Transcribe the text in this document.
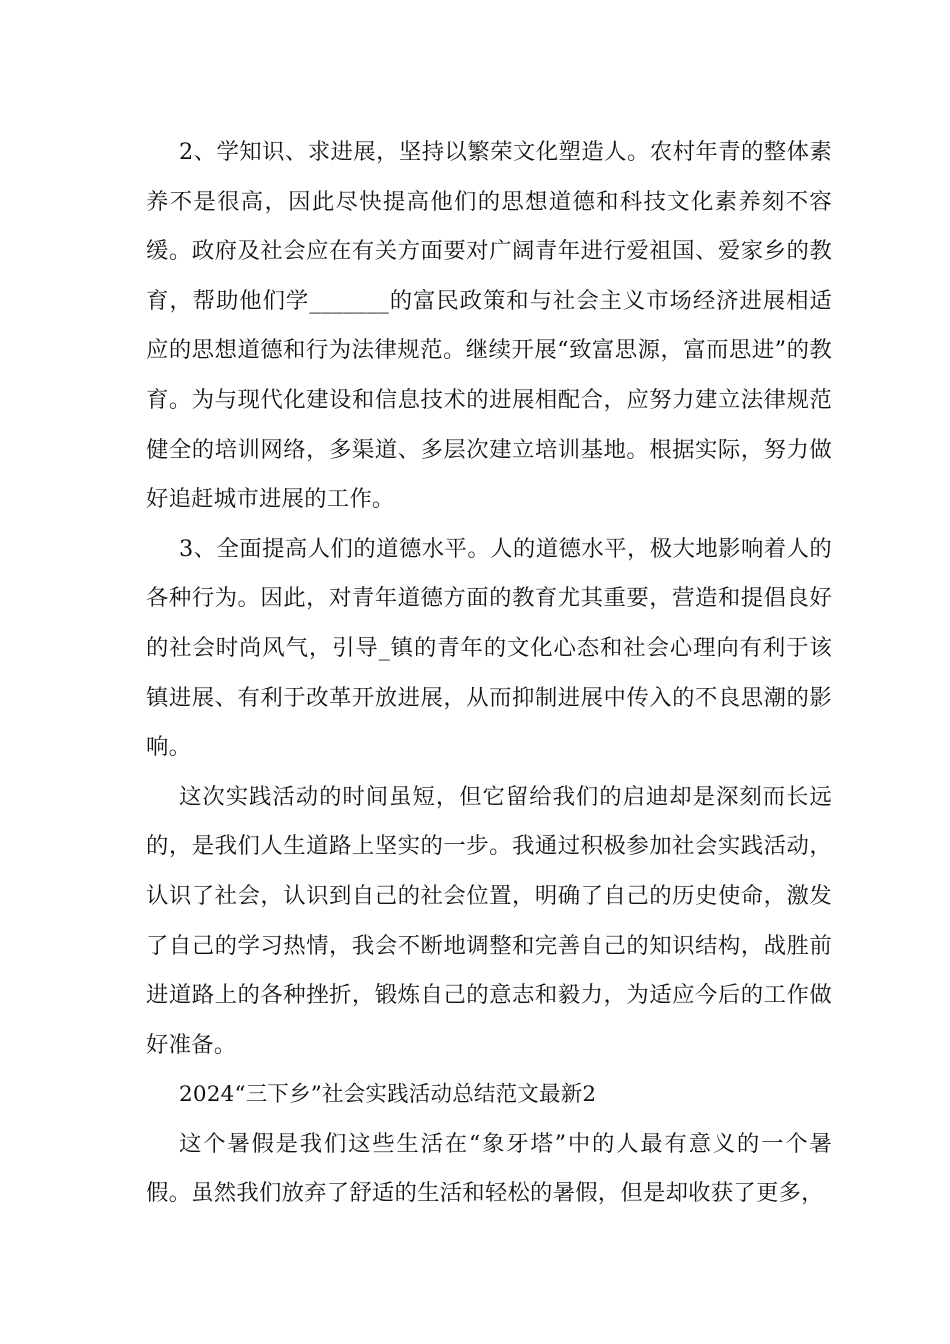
2、学知识、求进展，坚持以繁荣文化塑造人。农村年青的整体素养不是很高，因此尽快提高他们的思想道德和科技文化素养刻不容缓。政府及社会应在有关方面要对广阔青年进行爱祖国、爱家乡的教育，帮助他们学_______的富民政策和与社会主义市场经济进展相适应的思想道德和行为法律规范。继续开展“致富思源，富而思进”的教育。为与现代化建设和信息技术的进展相配合，应努力建立法律规范健全的培训网络，多渠道、多层次建立培训基地。根据实际，努力做好追赶城市进展的工作。

3、全面提高人们的道德水平。人的道德水平，极大地影响着人的各种行为。因此，对青年道德方面的教育尤其重要，营造和提倡良好的社会时尚风气，引导_镇的青年的文化心态和社会心理向有利于该镇进展、有利于改革开放进展，从而抑制进展中传入的不良思潮的影响。

这次实践活动的时间虽短，但它留给我们的启迪却是深刻而长远的，是我们人生道路上坚实的一步。我通过积极参加社会实践活动，认识了社会，认识到自己的社会位置，明确了自己的历史使命，激发了自己的学习热情，我会不断地调整和完善自己的知识结构，战胜前进道路上的各种挫折，锻炼自己的意志和毅力，为适应今后的工作做好准备。

2024“三下乡”社会实践活动总结范文最新2

这个暑假是我们这些生活在“象牙塔”中的人最有意义的一个暑假。虽然我们放弃了舒适的生活和轻松的暑假，但是却收获了更多，
